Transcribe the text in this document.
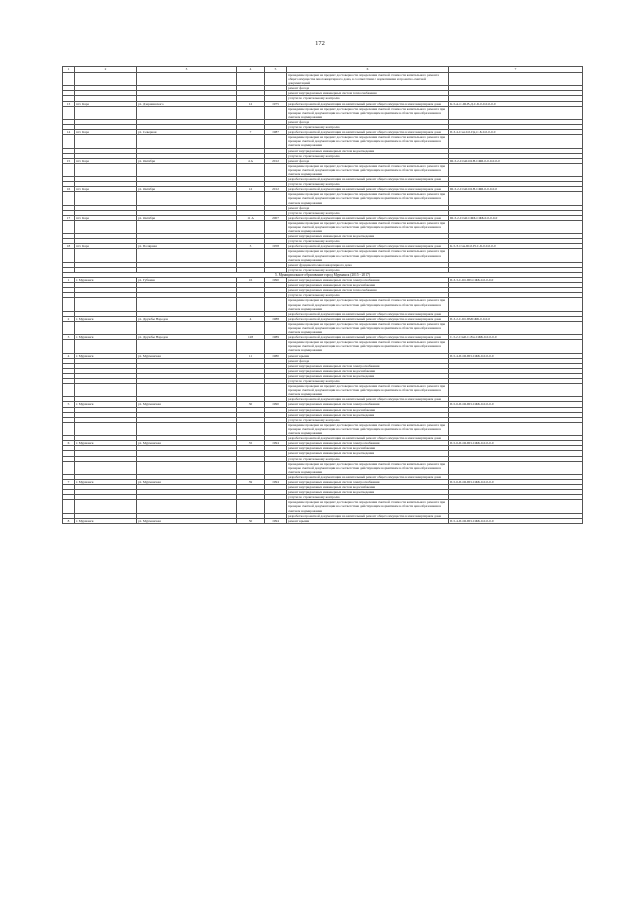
172
1	2	3	4	5	6	7
					проведение проверки на предмет достоверности определения сметной стоимости капитального ремонта общего имущества многоквартирного дома, в соответствии с нормативами и проектно-сметной документацией	
					ремонт фасада	
					ремонт внутридомовых инженерных систем теплоснабжения	
					услуги по строительному контролю	
13	пгт. Кара	ул. Дзержинского	12	1975	разработка проектной документации на капитальный ремонт общего имущества в многоквартирном доме	К-3-А-С-Ш-В-Д-С-Б-0-0-0-0-0-0
					проведение проверки на предмет достоверности определения сметной стоимости капитального ремонта при проверке сметной документации на соответствие действующим нормативам в области ценообразования в сметном нормировании	
					ремонт фасада	
					услуги по строительному контролю	
14	пгт. Кара	ул. Северная	7	1987	разработка проектной документации на капитальный ремонт общего имущества в многоквартирном доме	П-3-4-Сэм-0-0-Пд-С-Б-0-0-0-0-0
					проведение проверки на предмет достоверности определения сметной стоимости капитального ремонта при проверке сметной документации на соответствие действующим нормативам в области ценообразования в сметном нормировании	
					ремонт внутридомовых инженерных систем водоотведения	
					услуги по строительному контролю	
15	пгт. Кара	ул. Октября	4 А	2012	ремонт фасада	Ш-3-2-Стм0-Ш-Н-СЖБ-0-0-0-0-0-0
					проведение проверки на предмет достоверности определения сметной стоимости капитального ремонта при проверке сметной документации на соответствие действующим нормативам в области ценообразования в сметном нормировании	
					разработка проектной документации на капитальный ремонт общего имущества в многоквартирном доме	
					услуги по строительному контролю	
16	пгт. Кара	ул. Октября	12	2012	разработка проектной документации на капитальный ремонт общего имущества в многоквартирном доме	Ш-3-2-Стм0-Ш-Н-СЖБ-0-0-0-0-0
					проведение проверки на предмет достоверности определения сметной стоимости капитального ремонта при проверке сметной документации на соответствие действующим нормативам в области ценообразования в сметном нормировании	
					ремонт фасада	
					услуги по строительному контролю	
17	пгт. Кара	ул. Октября	11 А	2007	разработка проектной документации на капитальный ремонт общего имущества в многоквартирном доме	Ш-3-2-Стм0-СЖБ-СЖБ-0-0-0-0-0
					проведение проверки на предмет достоверности определения сметной стоимости капитального ремонта при проверке сметной документации на соответствие действующим нормативам в области ценообразования в сметном нормировании	
					ремонт внутридомовых инженерных систем водоотведения	
					услуги по строительному контролю	
18	пгт. Кара	ул. Полярная	3	1958	разработка проектной документации на капитальный ремонт общего имущества в многоквартирном доме	К-3-Э-Сэм-Ш-0-Н-С-Б-0-0-0-0-0
					проведение проверки на предмет достоверности определения сметной стоимости капитального ремонта при проверке сметной документации на соответствие действующим нормативам в области ценообразования в сметном нормировании	
					ремонт фундамента многоквартирного дома	
					услуги по строительному контролю	
5. Муниципальное образование город Мурманск (2015 - 2017)						
1	г. Мурманск	ул. Губкина	16	1990	ремонт внутридомовых инженерных систем электроснабжения	П-3-3-С-Ш-ПП-СЖБ-0-0-0-0-0
					ремонт внутридомовых инженерных систем водоснабжения	
					ремонт внутридомовых инженерных систем теплоснабжения	
					услуги по строительному контролю	
					проведение проверки на предмет достоверности определения сметной стоимости капитального ремонта при проверке сметной документации на соответствие действующим нормативам в области ценообразования в сметном нормировании	
					разработка проектной документации на капитальный ремонт общего имущества в многоквартирном доме	
2	г. Мурманск	ул. Дружбы Народов	4	1988	разработка проектной документации на капитальный ремонт общего имущества в многоквартирном доме	П-3-2-С-Ш-ПМСЖБ-0-0-0-0
					проведение проверки на предмет достоверности определения сметной стоимости капитального ремонта при проверке сметной документации на соответствие действующим нормативам в области ценообразования в сметном нормировании	
3	г. Мурманск	ул. Дружбы Народов	128	1989	разработка проектной документации на капитальный ремонт общего имущества в многоквартирном доме	С-3-2-Сэм0-С-Ем-СЖБ-0-0-0-0-0
					проведение проверки на предмет достоверности определения сметной стоимости капитального ремонта при проверке сметной документации на соответствие действующим нормативам в области ценообразования в сметном нормировании	
4	г. Мурманск	ул. Мурманская	11	1980	ремонт крыши	П-5-4-П-Ш-ПП-СЖБ-0-0-0-0-0
					ремонт фасада	
					ремонт внутридомовых инженерных систем электроснабжения	
					ремонт внутридомовых инженерных систем водоснабжения	
					ремонт внутридомовых инженерных систем водоотведения	
					услуги по строительному контролю	
					проведение проверки на предмет достоверности определения сметной стоимости капитального ремонта при проверке сметной документации на соответствие действующим нормативам в области ценообразования в сметном нормировании	
					разработка проектной документации на капитальный ремонт общего имущества в многоквартирном доме	
5	г. Мурманск	ул. Мурманская	30	1990	ремонт внутридомовых инженерных систем электроснабжения	П-5-6-П-Ш-ПП-СЖБ-0-0-0-0-0
					ремонт внутридомовых инженерных систем водоснабжения	
					ремонт внутридомовых инженерных систем водоотведения	
					услуги по строительному контролю	
					проведение проверки на предмет достоверности определения сметной стоимости капитального ремонта при проверке сметной документации на соответствие действующим нормативам в области ценообразования в сметном нормировании	
					разработка проектной документации на капитальный ремонт общего имущества в многоквартирном доме	
6	г. Мурманск	ул. Мурманская	35	1994	ремонт внутридомовых инженерных систем электроснабжения	П-5-6-П-Ш-ПП-СЖБ-0-0-0-0-0
					ремонт внутридомовых инженерных систем водоснабжения	
					ремонт внутридомовых инженерных систем водоотведения	
					услуги по строительному контролю	
					проведение проверки на предмет достоверности определения сметной стоимости капитального ремонта при проверке сметной документации на соответствие действующим нормативам в области ценообразования в сметном нормировании	
					разработка проектной документации на капитальный ремонт общего имущества в многоквартирном доме	
7	г. Мурманск	ул. Мурманская	39	1994	ремонт внутридомовых инженерных систем электроснабжения	П-5-6-П-Ш-ПП-СЖБ-0-0-0-0-0
					ремонт внутридомовых инженерных систем водоснабжения	
					ремонт внутридомовых инженерных систем водоотведения	
					услуги по строительному контролю	
					проведение проверки на предмет достоверности определения сметной стоимости капитального ремонта при проверке сметной документации на соответствие действующим нормативам в области ценообразования в сметном нормировании	
					разработка проектной документации на капитальный ремонт общего имущества в многоквартирном доме	
8	г. Мурманск	ул. Мурманская	50	1994	ремонт крыши	П-5-4-П-Ш-ПП-СЖБ-0-0-0-0-0
